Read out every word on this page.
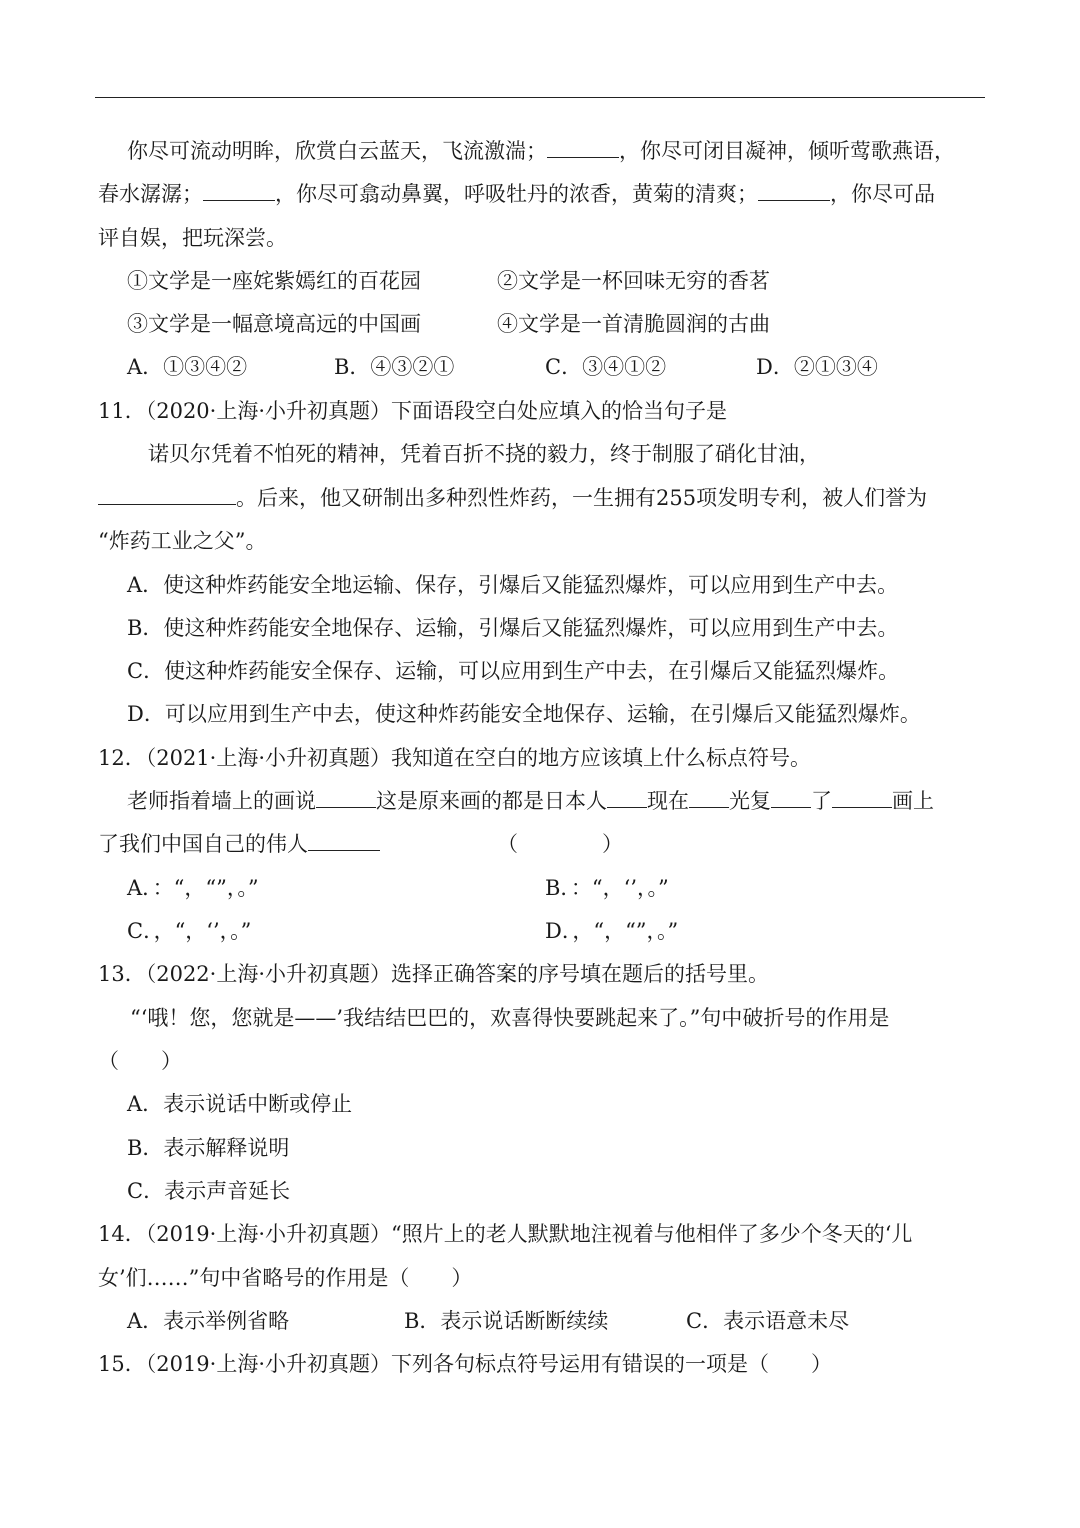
你尽可流动明眸，欣赏白云蓝天，飞流激湍；	，你尽可闭目凝神，倾听莺歌燕语，
春水潺潺；	，你尽可翕动鼻翼，呼吸牡丹的浓香，黄菊的清爽；	，你尽可品
评自娱，把玩深尝。
①文学是一座姹紫嫣红的百花园	②文学是一杯回味无穷的香茗
③文学是一幅意境高远的中国画	④文学是一首清脆圆润的古曲
A．①③④②	B．④③②①	C．③④①②	D．②①③④
11．（2020·上海·小升初真题）下面语段空白处应填入的恰当句子是
诺贝尔凭着不怕死的精神，凭着百折不挠的毅力，终于制服了硝化甘油，
。后来，他又研制出多种烈性炸药，一生拥有255项发明专利，被人们誉为
“炸药工业之父”。
A．使这种炸药能安全地运输、保存，引爆后又能猛烈爆炸，可以应用到生产中去。
B．使这种炸药能安全地保存、运输，引爆后又能猛烈爆炸，可以应用到生产中去。
C．使这种炸药能安全保存、运输，可以应用到生产中去，在引爆后又能猛烈爆炸。
D．可以应用到生产中去，使这种炸药能安全地保存、运输，在引爆后又能猛烈爆炸。
12．（2021·上海·小升初真题）我知道在空白的地方应该填上什么标点符号。
老师指着墙上的画说	这是原来画的都是日本人 现在 光复 了	画上
了我们中国自己的伟人	（　　　　）
A．：“，“”，。”	B．：“，‘’，。”
C．，“，‘’，。”	D．，“，“”，。”
13．（2022·上海·小升初真题）选择正确答案的序号填在题后的括号里。
“‘哦！您，您就是——’我结结巴巴的，欢喜得快要跳起来了。”句中破折号的作用是
（　　）
A．表示说话中断或停止
B．表示解释说明
C．表示声音延长
14．（2019·上海·小升初真题）“照片上的老人默默地注视着与他相伴了多少个冬天的‘儿
女’们……”句中省略号的作用是（　　）
A．表示举例省略	B．表示说话断断续续	C．表示语意未尽
15．（2019·上海·小升初真题）下列各句标点符号运用有错误的一项是（　　）
